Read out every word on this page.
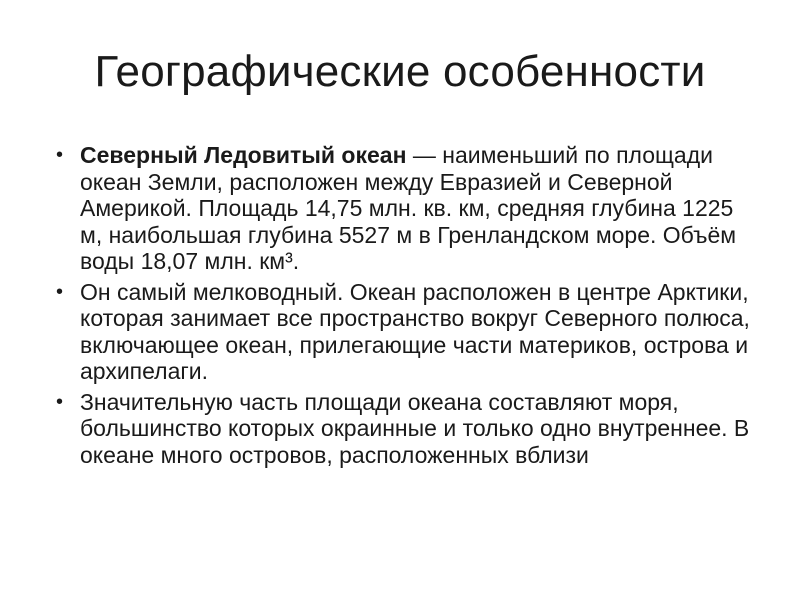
Географические особенности
• Северный Ледовитый океан — наименьший по площади океан Земли, расположен между Евразией и Северной Америкой. Площадь 14,75 млн. кв. км, средняя глубина 1225 м, наибольшая глубина 5527 м в Гренландском море. Объём воды 18,07 млн. км³.
• Он самый мелководный. Океан расположен в центре Арктики, которая занимает все пространство вокруг Северного полюса, включающее океан, прилегающие части материков, острова и архипелаги.
• Значительную часть площади океана составляют моря, большинство которых окраинные и только одно внутреннее. В океане много островов, расположенных вблизи
